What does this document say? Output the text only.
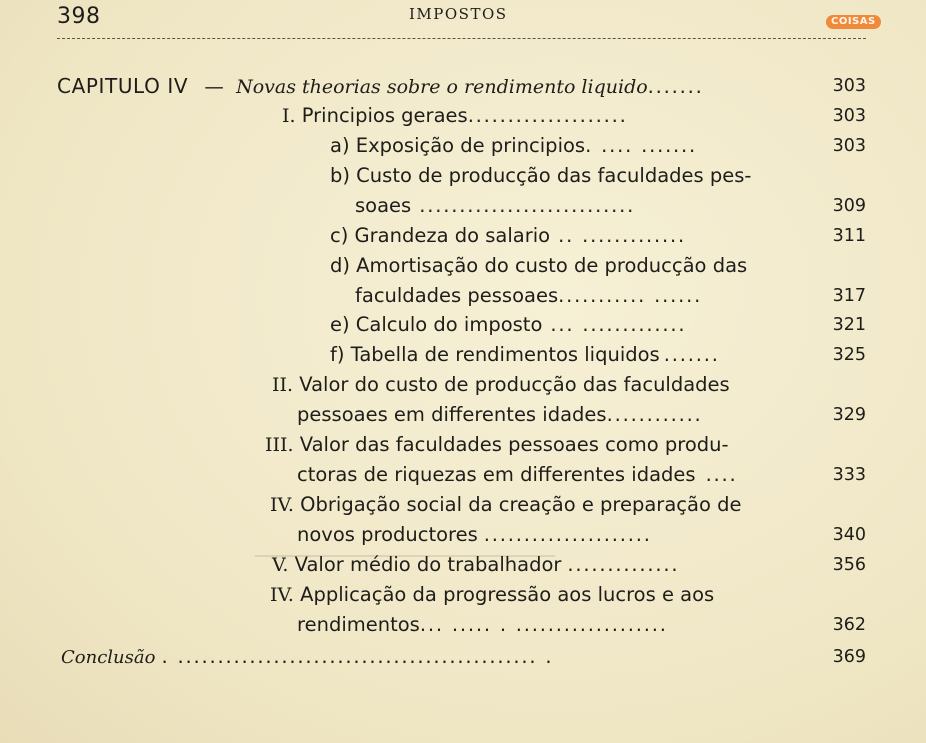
398	IMPOSTOS	COISAS
CAPITULO IV — Novas theorias sobre o rendimento liquido.......	303
I. Principios geraes....................	303
a) Exposição de principios. .... .......	303
b) Custo de producção das faculdades pes-
soaes ...........................	309
c) Grandeza do salario .. .............	311
d) Amortisação do custo de producção das
faculdades pessoaes........... ......	317
e) Calculo do imposto ... .............	321
f) Tabella de rendimentos liquidos .......	325
II. Valor do custo de producção das faculdades
pessoaes em differentes idades............	329
III. Valor das faculdades pessoaes como produ-
ctoras de riquezas em differentes idades ....	333
IV. Obrigação social da creação e preparação de
novos productores .....................	340
V. Valor médio do trabalhador ..............	356
IV. Applicação da progressão aos lucros e aos
rendimentos... ..... . ...................	362
Conclusão . ............................................. .	369
